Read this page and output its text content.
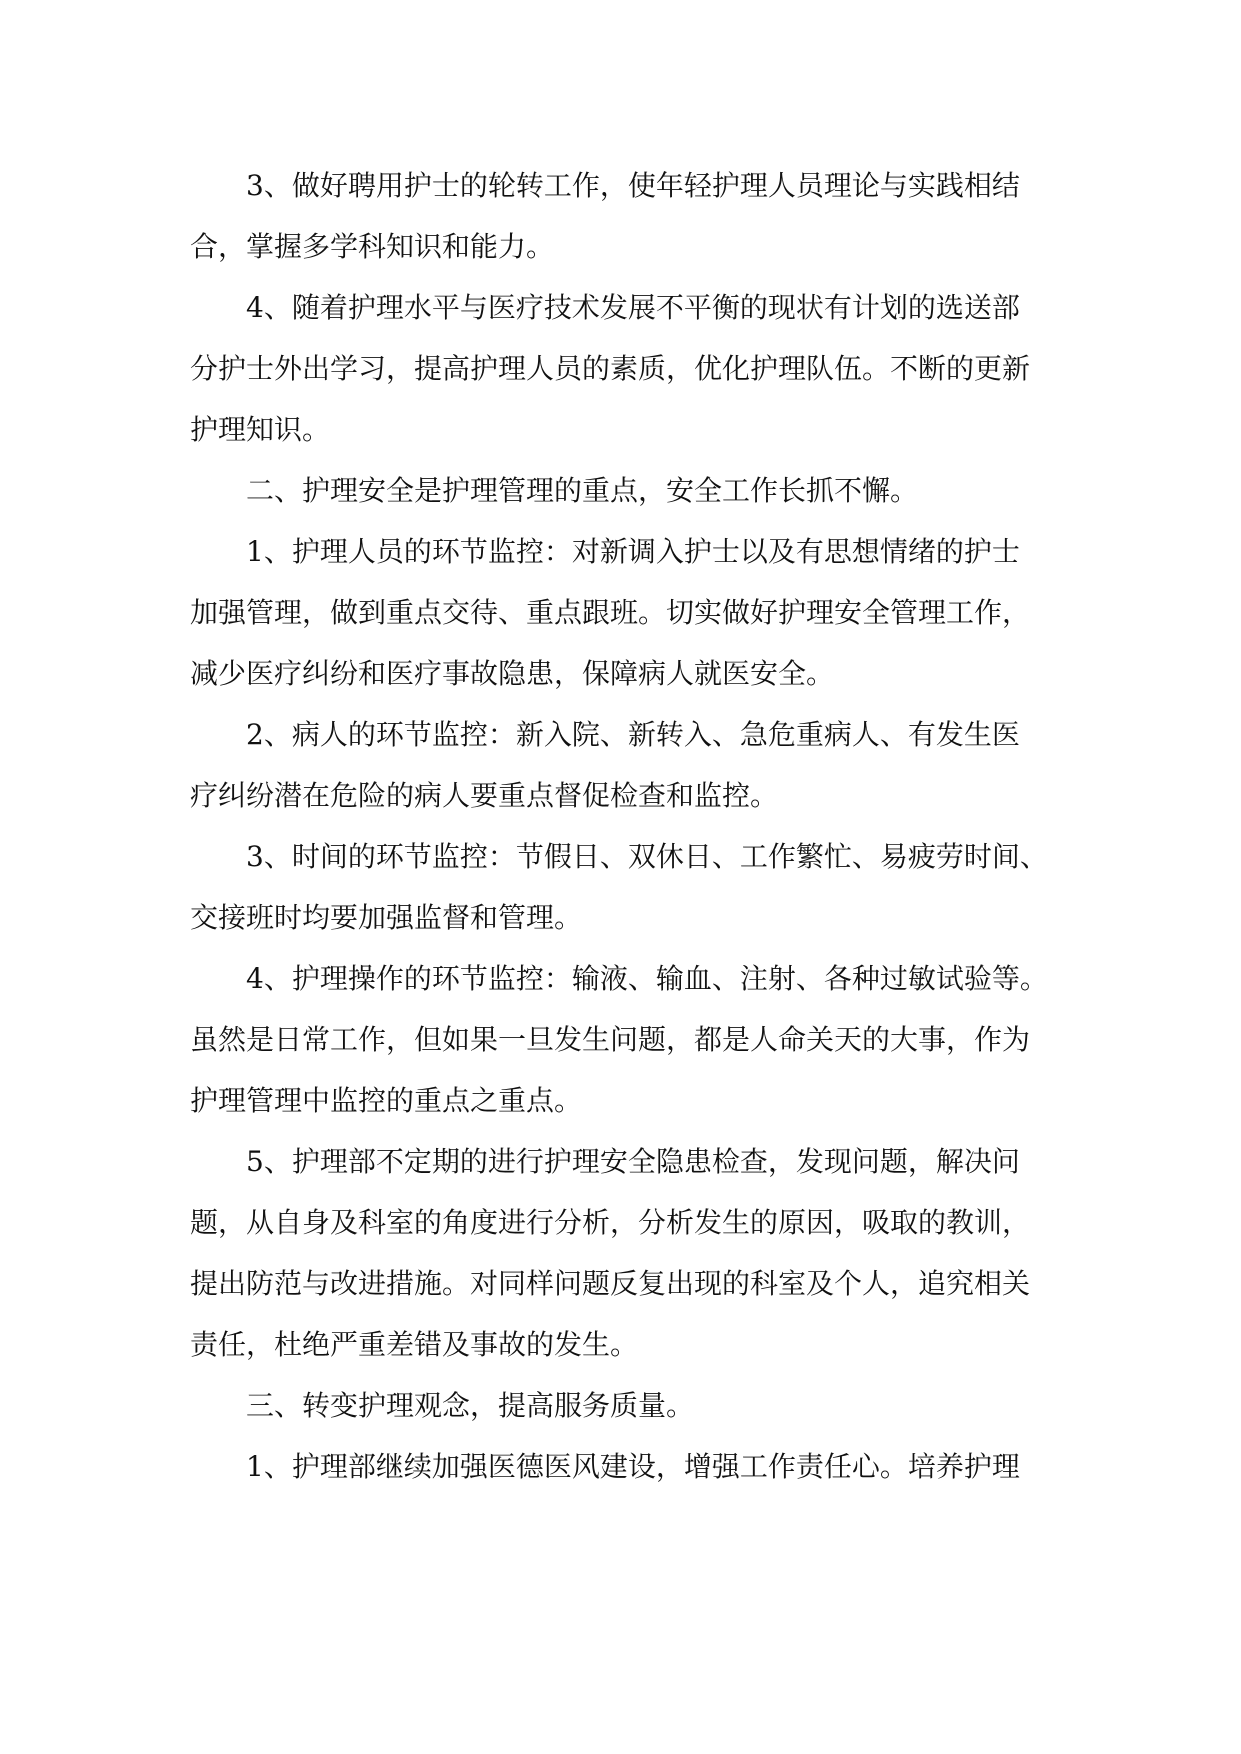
3、做好聘用护士的轮转工作，使年轻护理人员理论与实践相结
合，掌握多学科知识和能力。
4、随着护理水平与医疗技术发展不平衡的现状有计划的选送部
分护士外出学习，提高护理人员的素质，优化护理队伍。不断的更新
护理知识。
二、护理安全是护理管理的重点，安全工作长抓不懈。
1、护理人员的环节监控：对新调入护士以及有思想情绪的护士
加强管理，做到重点交待、重点跟班。切实做好护理安全管理工作，
减少医疗纠纷和医疗事故隐患，保障病人就医安全。
2、病人的环节监控：新入院、新转入、急危重病人、有发生医
疗纠纷潜在危险的病人要重点督促检查和监控。
3、时间的环节监控：节假日、双休日、工作繁忙、易疲劳时间、
交接班时均要加强监督和管理。
4、护理操作的环节监控：输液、输血、注射、各种过敏试验等。
虽然是日常工作，但如果一旦发生问题，都是人命关天的大事，作为
护理管理中监控的重点之重点。
5、护理部不定期的进行护理安全隐患检查，发现问题，解决问
题，从自身及科室的角度进行分析，分析发生的原因，吸取的教训，
提出防范与改进措施。对同样问题反复出现的科室及个人，追究相关
责任，杜绝严重差错及事故的发生。
三、转变护理观念，提高服务质量。
1、护理部继续加强医德医风建设，增强工作责任心。培养护理
